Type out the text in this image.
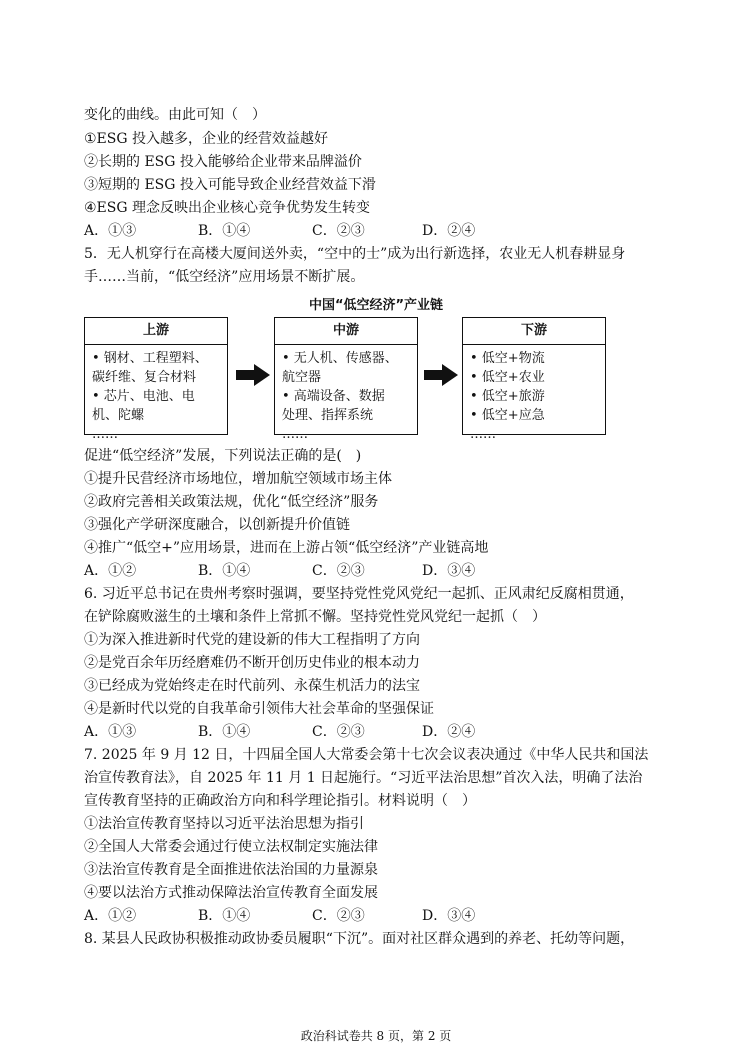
变化的曲线。由此可知（　）
①ESG 投入越多，企业的经营效益越好
②长期的 ESG 投入能够给企业带来品牌溢价
③短期的 ESG 投入可能导致企业经营效益下滑
④ESG 理念反映出企业核心竞争优势发生转变
A．①③	B．①④	C．②③	D．②④
5．无人机穿行在高楼大厦间送外卖，“空中的士”成为出行新选择，农业无人机春耕显身
手……当前，“低空经济”应用场景不断扩展。
中国“低空经济”产业链
上游
• 钢材、工程塑料、
碳纤维、复合材料
• 芯片、电池、电
机、陀螺
……
中游
• 无人机、传感器、
航空器
• 高端设备、数据
处理、指挥系统
……
下游
• 低空+物流
• 低空+农业
• 低空+旅游
• 低空+应急
……
促进“低空经济”发展，下列说法正确的是(　)
①提升民营经济市场地位，增加航空领域市场主体
②政府完善相关政策法规，优化“低空经济”服务
③强化产学研深度融合，以创新提升价值链
④推广“低空+”应用场景，进而在上游占领“低空经济”产业链高地
A．①②	B．①④	C．②③	D．③④
6. 习近平总书记在贵州考察时强调，要坚持党性党风党纪一起抓、正风肃纪反腐相贯通，
在铲除腐败滋生的土壤和条件上常抓不懈。坚持党性党风党纪一起抓（　）
①为深入推进新时代党的建设新的伟大工程指明了方向
②是党百余年历经磨难仍不断开创历史伟业的根本动力
③已经成为党始终走在时代前列、永葆生机活力的法宝
④是新时代以党的自我革命引领伟大社会革命的坚强保证
A．①③	B．①④	C．②③	D．②④
7. 2025 年 9 月 12 日，十四届全国人大常委会第十七次会议表决通过《中华人民共和国法
治宣传教育法》，自 2025 年 11 月 1 日起施行。“习近平法治思想”首次入法，明确了法治
宣传教育坚持的正确政治方向和科学理论指引。材料说明（　）
①法治宣传教育坚持以习近平法治思想为指引
②全国人大常委会通过行使立法权制定实施法律
③法治宣传教育是全面推进依法治国的力量源泉
④要以法治方式推动保障法治宣传教育全面发展
A．①②	B．①④	C．②③	D．③④
8. 某县人民政协积极推动政协委员履职“下沉”。面对社区群众遇到的养老、托幼等问题，
政治科试卷共 8 页，第 2 页
